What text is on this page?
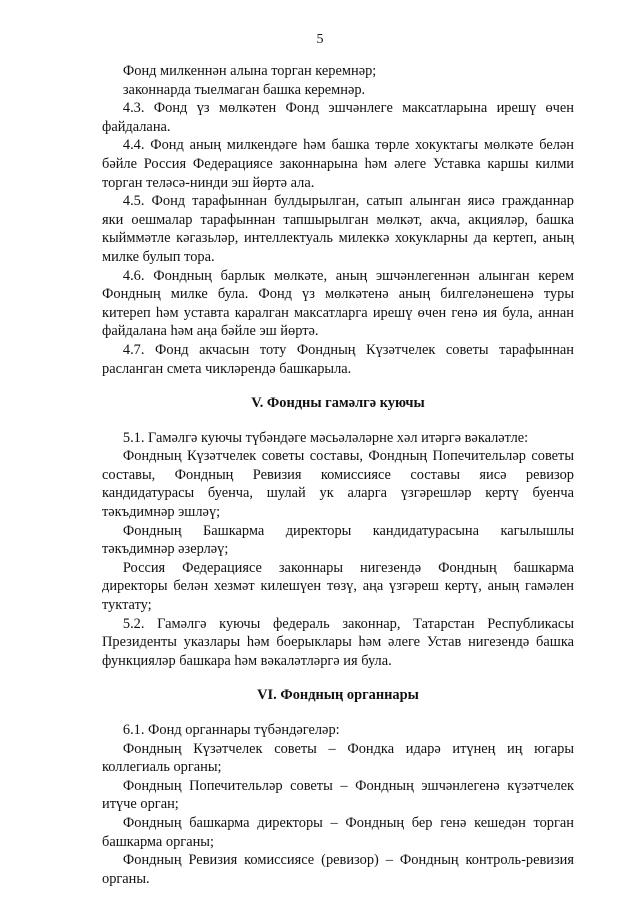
5

Фонд милкеннән алына торган керемнәр;

законнарда тыелмаган башка керемнәр.

4.3. Фонд үз мөлкәтен Фонд эшчәнлегe максатларына ирешү өчен файдалана.

4.4. Фонд аның милкендәге һәм башка төрле хокуктагы мөлкәте белән бәйле Россия Федерациясе законнарына һәм әлеге Уставка каршы килми торган теләсә-нинди эш йөртә ала.

4.5. Фонд тарафыннан булдырылган, сатып алынган яисә гражданнар яки оешмалар тарафыннан тапшырылган мөлкәт, акча, акцияләр, башка кыйммәтле кәгазьләр, интеллектуаль милеккә хокукларны да кертеп, аның милке булып тора.

4.6. Фондның барлык мөлкәте, аның эшчәнлегеннән алынган керем Фондның милке була. Фонд үз мөлкәтенә аның билгеләнешенә туры китереп һәм уставта каралган максатларга ирешү өчен генә ия була, аннан файдалана һәм аңа бәйле эш йөртә.

4.7. Фонд акчасын тоту Фондның Күзәтчелек советы тарафыннан расланган смета чикләрендә башкарыла.

V. Фондны гамәлгә куючы

5.1. Гамәлгә куючы түбәндәге мәсьәләләрне хәл итәргә вәкаләтле:

Фондның Күзәтчелек советы составы, Фондның Попечительләр советы составы, Фондның Ревизия комиссиясе составы яисә ревизор кандидатурасы буенча, шулай ук аларга үзгәрешләр кертү буенча тәкъдимнәр эшләү;

Фондның Башкарма директоры кандидатурасына кагылышлы тәкъдимнәр әзерләү;

Россия Федерациясе законнары нигезендә Фондның башкарма директоры белән хезмәт килешүен төзү, аңа үзгәреш кертү, аның гамәлен туктату;

5.2. Гамәлгә куючы федераль законнар, Татарстан Республикасы Президенты указлары һәм боерыклары һәм әлеге Устав нигезендә башка функцияләр башкара һәм вәкаләтләргә ия була.

VI. Фондның органнары

6.1. Фонд органнары түбәндәгеләр:

Фондның Күзәтчелек советы – Фондка идарә итүнең иң югары коллегиаль органы;

Фондның Попечительләр советы – Фондның эшчәнлегенә күзәтчелек итүче орган;

Фондның башкарма директоры – Фондның бер генә кешедән торган башкарма органы;

Фондның Ревизия комиссиясе (ревизор) – Фондның контроль-ревизия органы.
